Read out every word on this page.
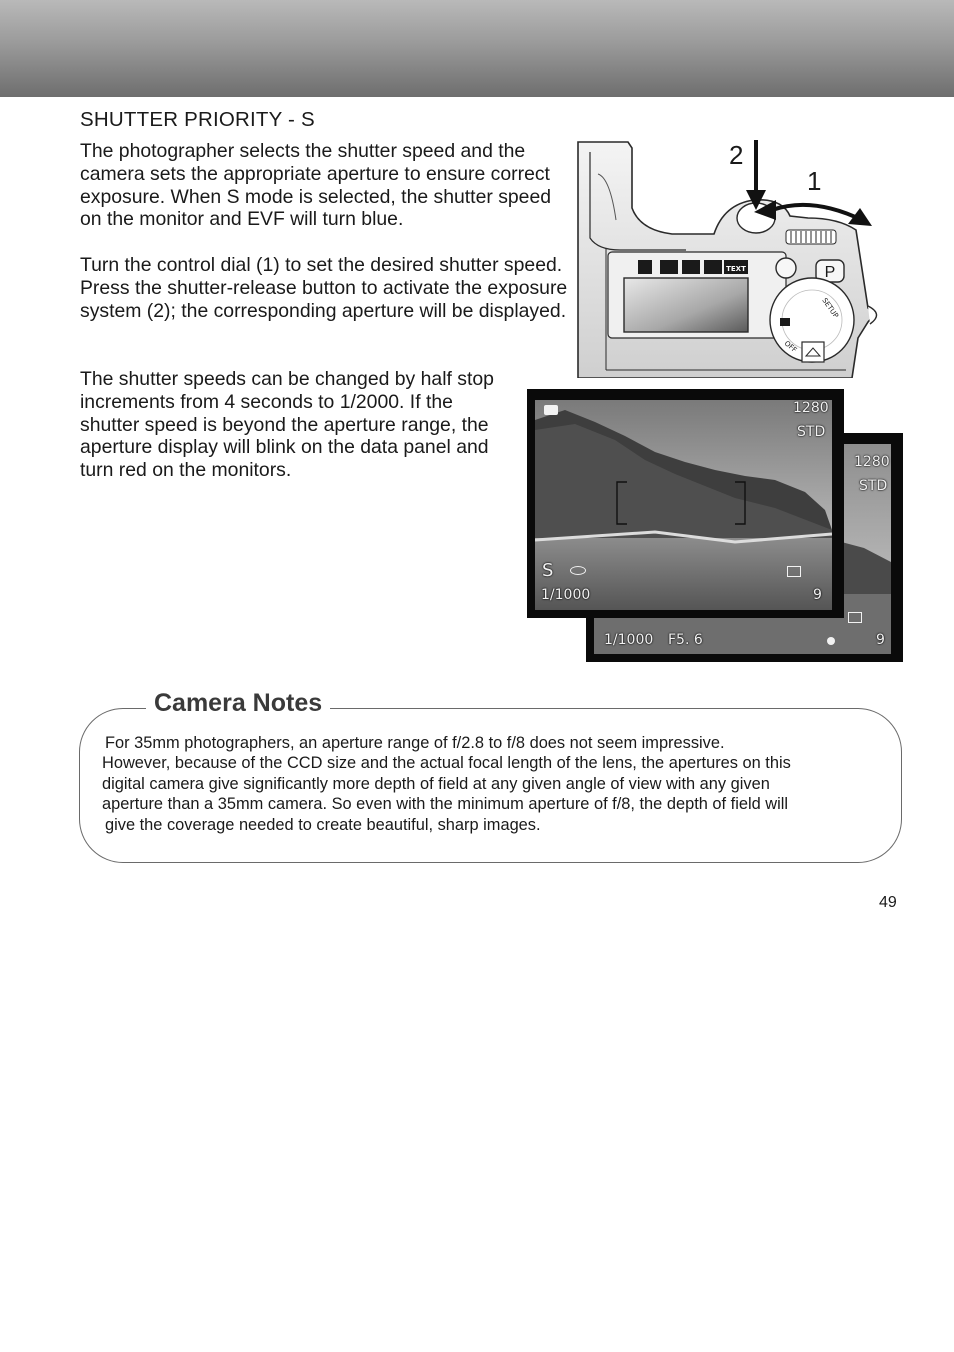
SHUTTER PRIORITY - S
The photographer selects the shutter speed and the camera sets the appropriate aperture to ensure correct exposure. When S mode is selected, the shutter speed on the monitor and EVF will turn blue.
Turn the control dial (1) to set the desired shutter speed. Press the shutter-release button to activate the exposure system (2); the corresponding aperture will be displayed.
The shutter speeds can be changed by half stop increments from 4 seconds to 1/2000. If the shutter speed is beyond the aperture range, the aperture display will blink on the data panel and turn red on the monitors.
TEXT	P
SETUP
OFF
2
1
1280
STD
1/1000 F5. 6	9
1280
STD
S
1/1000	9
Camera Notes
For 35mm photographers, an aperture range of f/2.8 to f/8 does not seem impressive.
However, because of the CCD size and the actual focal length of the lens, the apertures on this
digital camera give significantly more depth of field at any given angle of view with any given
aperture than a 35mm camera. So even with the minimum aperture of f/8, the depth of field will
give the coverage needed to create beautiful, sharp images.
49
